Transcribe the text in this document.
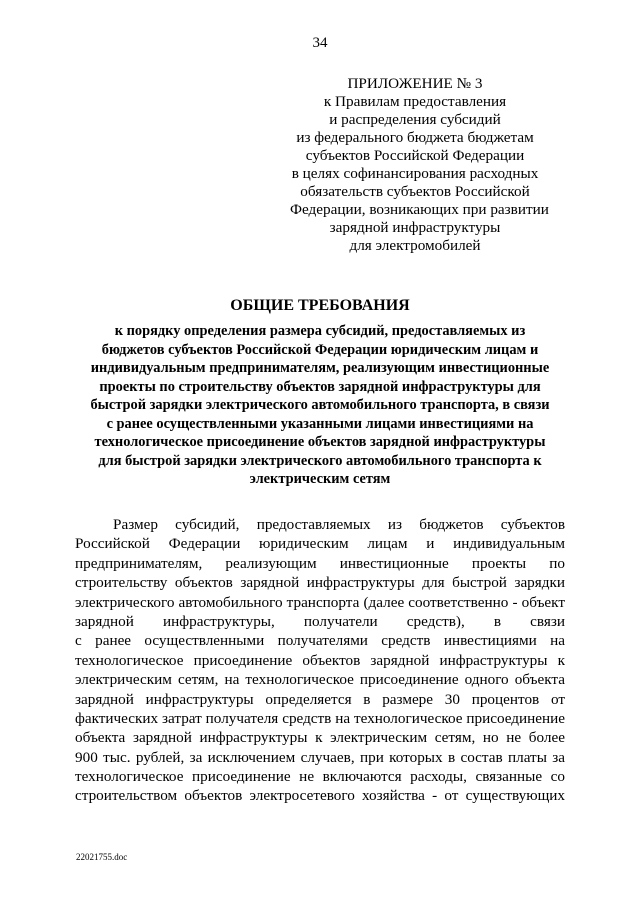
34
ПРИЛОЖЕНИЕ № 3
к Правилам предоставления
и распределения субсидий
из федерального бюджета бюджетам
субъектов Российской Федерации
в целях софинансирования расходных
обязательств субъектов Российской
Федерации, возникающих при развитии
зарядной инфраструктуры
для электромобилей
ОБЩИЕ ТРЕБОВАНИЯ
к порядку определения размера субсидий, предоставляемых из
бюджетов субъектов Российской Федерации юридическим лицам и
индивидуальным предпринимателям, реализующим инвестиционные
проекты по строительству объектов зарядной инфраструктуры для
быстрой зарядки электрического автомобильного транспорта, в связи
с ранее осуществленными указанными лицами инвестициями на
технологическое присоединение объектов зарядной инфраструктуры
для быстрой зарядки электрического автомобильного транспорта к
электрическим сетям
Размер субсидий, предоставляемых из бюджетов субъектов
Российской Федерации юридическим лицам и индивидуальным
предпринимателям, реализующим инвестиционные проекты по
строительству объектов зарядной инфраструктуры для быстрой зарядки
электрического автомобильного транспорта (далее соответственно - объект
зарядной инфраструктуры, получатели средств), в связи
с ранее осуществленными получателями средств инвестициями на
технологическое присоединение объектов зарядной инфраструктуры к
электрическим сетям, на технологическое присоединение одного объекта
зарядной инфраструктуры определяется в размере 30 процентов от
фактических затрат получателя средств на технологическое присоединение
объекта зарядной инфраструктуры к электрическим сетям, но не более
900 тыс. рублей, за исключением случаев, при которых в состав платы за
технологическое присоединение не включаются расходы, связанные со
строительством объектов электросетевого хозяйства - от существующих
22021755.doc
